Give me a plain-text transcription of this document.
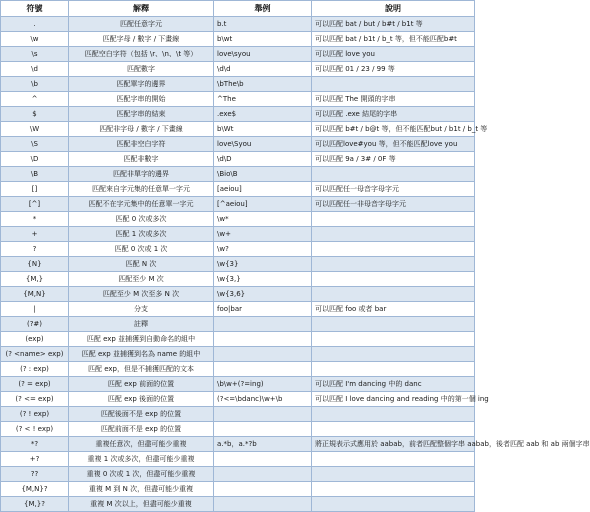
符號	解釋	舉例	說明
.	匹配任意字元	b.t	可以匹配 bat / but / b#t / b1t 等
\w	匹配字母 / 數字 / 下畫線	b\wt	可以匹配 bat / b1t / b_t 等，但不能匹配b#t
\s	匹配空白字符（包括 \r、\n、\t 等）	love\syou	可以匹配 love you
\d	匹配數字	\d\d	可以匹配 01 / 23 / 99 等
\b	匹配單字的邊界	\bThe\b	
^	匹配字串的開始	^The	可以匹配 The 開頭的字串
$	匹配字串的結束	.exe$	可以匹配 .exe 結尾的字串
\W	匹配非字母 / 數字 / 下畫線	b\Wt	可以匹配 b#t / b@t 等，但不能匹配but / b1t / b_t 等
\S	匹配非空白字符	love\Syou	可以匹配love#you 等，但不能匹配love you
\D	匹配非數字	\d\D	可以匹配 9a / 3# / 0F 等
\B	匹配非單字的邊界	\Bio\B	
[]	匹配來自字元集的任意單一字元	[aeiou]	可以匹配任一母音字母字元
[^]	匹配不在字元集中的任意單一字元	[^aeiou]	可以匹配任一非母音字母字元
*	匹配 0 次或多次	\w*	
+	匹配 1 次或多次	\w+	
?	匹配 0 次或 1 次	\w?	
{N}	匹配 N 次	\w{3}	
{M,}	匹配至少 M 次	\w{3,}	
{M,N}	匹配至少 M 次至多 N 次	\w{3,6}	
|	分支	foo|bar	可以匹配 foo 或者 bar
(?#)	註釋		
(exp)	匹配 exp 並捕獲到自動命名的組中		
(? <name> exp)	匹配 exp 並捕獲到名為 name 的組中		
(? : exp)	匹配 exp，但是不捕獲匹配的文本		
(? = exp)	匹配 exp 前面的位置	\b\w+(?=ing)	可以匹配 I'm dancing 中的 danc
(? <= exp)	匹配 exp 後面的位置	(?<=\bdanc)\w+\b	可以匹配 I love dancing and reading 中的第一個 ing
(? ! exp)	匹配後面不是 exp 的位置		
(? < ! exp)	匹配前面不是 exp 的位置		
*?	重複任意次，但盡可能少重複	a.*b，a.*?b	將正規表示式應用於 aabab，前者匹配整個字串 aabab，後者匹配 aab 和 ab 兩個字串
+?	重複 1 次或多次，但盡可能少重複		
??	重複 0 次或 1 次，但盡可能少重複		
{M,N}?	重複 M 到 N 次，但盡可能少重複		
{M,}?	重複 M 次以上，但盡可能少重複		
